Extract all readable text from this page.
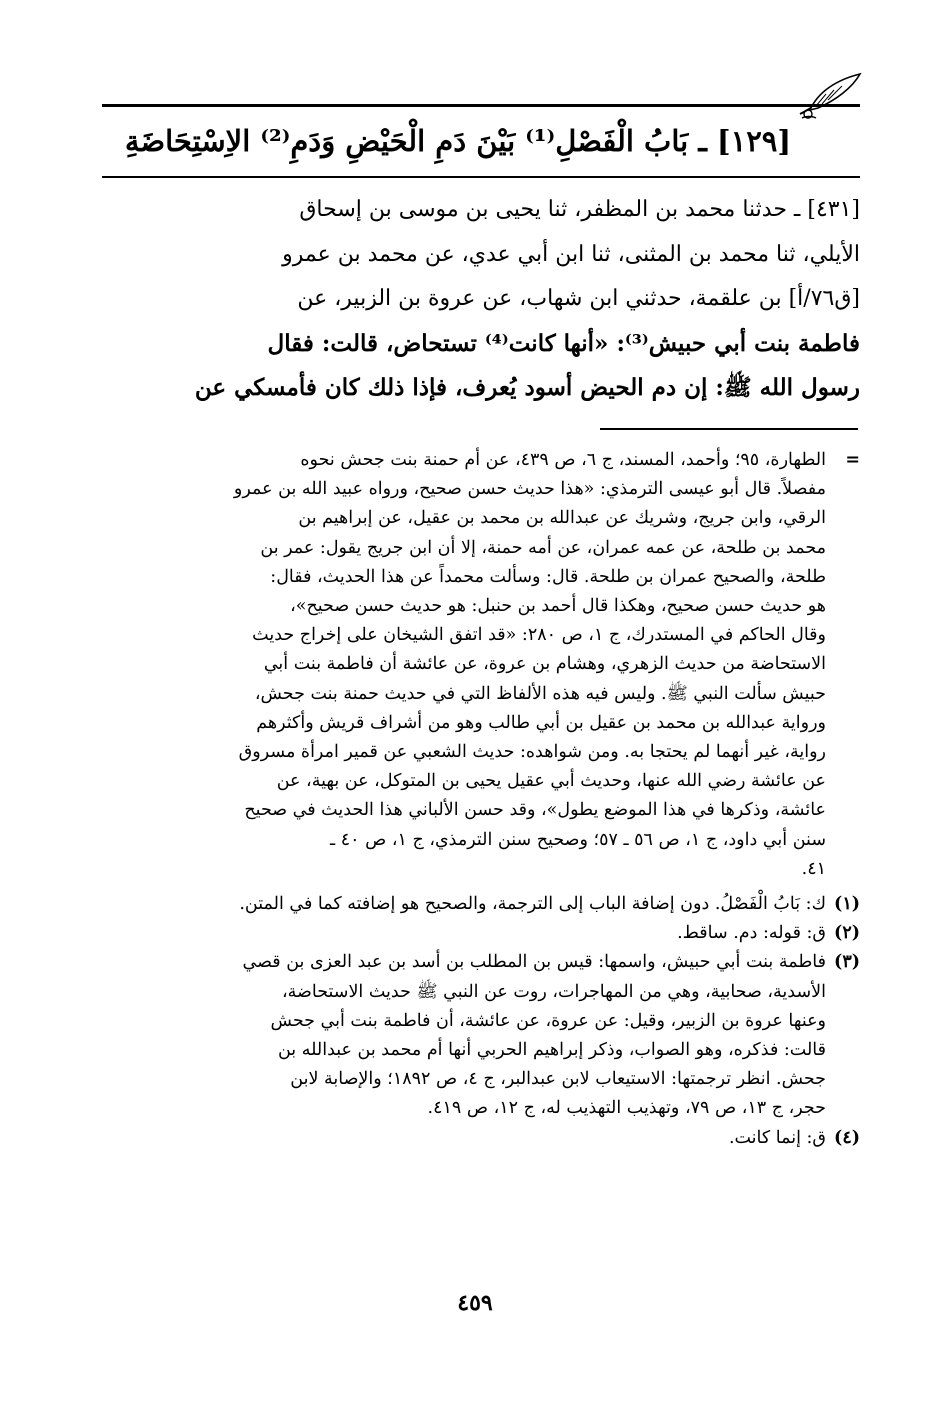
[١٢٩] ـ بَابُ الْفَصْلِ⁽¹⁾ بَيْنَ دَمِ الْحَيْضِ وَدَمِ⁽²⁾ الاِسْتِحَاضَةِ

[٤٣١] ـ حدثنا محمد بن المظفر، ثنا يحيى بن موسى بن إسحاق

الأيلي، ثنا محمد بن المثنى، ثنا ابن أبي عدي، عن محمد بن عمرو

[ق٧٦/أ] بن علقمة، حدثني ابن شهاب، عن عروة بن الزبير، عن

فاطمة بنت أبي حبيش⁽³⁾: «أنها كانت⁽⁴⁾ تستحاض، قالت: فقال

رسول الله ﷺ: إن دم الحيض أسود يُعرف، فإذا ذلك كان فأمسكي عن

=

الطهارة، ٩٥؛ وأحمد، المسند، ج ٦، ص ٤٣٩، عن أم حمنة بنت جحش نحوه

مفصلاً. قال أبو عيسى الترمذي: «هذا حديث حسن صحيح، ورواه عبيد الله بن عمرو

الرقي، وابن جريج، وشريك عن عبدالله بن محمد بن عقيل، عن إبراهيم بن

محمد بن طلحة، عن عمه عمران، عن أمه حمنة، إلا أن ابن جريج يقول: عمر بن

طلحة، والصحيح عمران بن طلحة. قال: وسألت محمداً عن هذا الحديث، فقال:

هو حديث حسن صحيح، وهكذا قال أحمد بن حنبل: هو حديث حسن صحيح»،

وقال الحاكم في المستدرك، ج ١، ص ٢٨٠: «قد اتفق الشيخان على إخراج حديث

الاستحاضة من حديث الزهري، وهشام بن عروة، عن عائشة أن فاطمة بنت أبي

حبيش سألت النبي ﷺ. وليس فيه هذه الألفاظ التي في حديث حمنة بنت جحش،

ورواية عبدالله بن محمد بن عقيل بن أبي طالب وهو من أشراف قريش وأكثرهم

رواية، غير أنهما لم يحتجا به. ومن شواهده: حديث الشعبي عن قمير امرأة مسروق

عن عائشة رضي الله عنها، وحديث أبي عقيل يحيى بن المتوكل، عن بهية، عن

عائشة، وذكرها في هذا الموضع يطول»، وقد حسن الألباني هذا الحديث في صحيح

سنن أبي داود، ج ١، ص ٥٦ ـ ٥٧؛ وصحيح سنن الترمذي، ج ١، ص ٤٠ ـ

٤١.

(١)
ك: بَابُ الْفَصْلُ. دون إضافة الباب إلى الترجمة، والصحيح هو إضافته كما في المتن.
(٢)
ق: قوله: دم. ساقط.
(٣)

فاطمة بنت أبي حبيش، واسمها: قيس بن المطلب بن أسد بن عبد العزى بن قصي

الأسدية، صحابية، وهي من المهاجرات، روت عن النبي ﷺ حديث الاستحاضة،

وعنها عروة بن الزبير، وقيل: عن عروة، عن عائشة، أن فاطمة بنت أبي جحش

قالت: فذكره، وهو الصواب، وذكر إبراهيم الحربي أنها أم محمد بن عبدالله بن

جحش. انظر ترجمتها: الاستيعاب لابن عبدالبر، ج ٤، ص ١٨٩٢؛ والإصابة لابن

حجر، ج ١٣، ص ٧٩، وتهذيب التهذيب له، ج ١٢، ص ٤١٩.

(٤)
ق: إنما كانت.
٤٥٩
